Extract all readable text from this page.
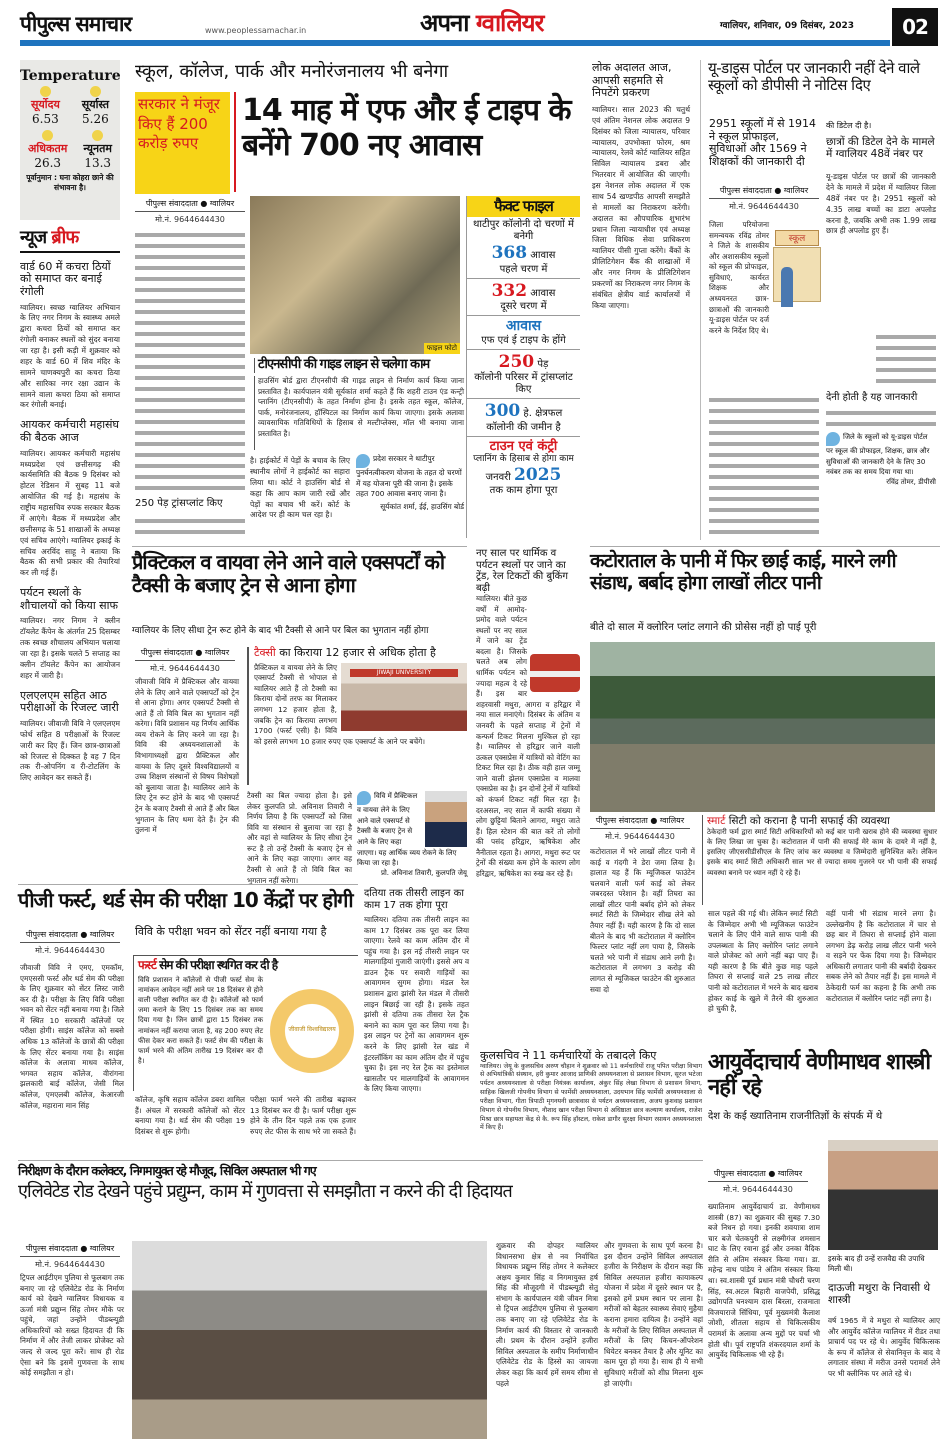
पीपुल्स समाचार	www.peoplessamachar.in	अपना ग्वालियर	ग्वालियर, शनिवार, 09 दिसंबर, 2023	02
Temperature
सूर्योदय
6.53
सूर्यास्त
5.26
अधिकतम
26.3
न्यूनतम
13.3
पूर्वानुमान : घना कोहरा छाने की संभावना है।
न्यूज ब्रीफ
वार्ड 60 में कचरा ठियों को समाप्त कर बनाई रंगोली
ग्वालियर। स्वच्छ ग्वालियर अभियान के लिए नगर निगम के स्वास्थ्य अमले द्वारा कचरा ठियों को समाप्त कर रंगोली बनाकर स्थलों को सुंदर बनाया जा रहा है। इसी कड़ी में शुक्रवार को शहर के वार्ड 60 में शिव मंदिर के सामने चाणक्यपुरी का कचरा ठिया और सारिका नगर रक्षा उद्यान के सामने वाला कचरा ठिया को समाप्त कर रंगोली बनाई।
आयकर कर्मचारी महासंघ की बैठक आज
ग्वालियर। आयकर कर्मचारी महासंघ मध्यप्रदेश एवं छत्तीसगढ़ की कार्यसमिति की बैठक 9 दिसंबर को होटल रेडिसन में सुबह 11 बजे आयोजित की गई है। महासंघ के राष्ट्रीय महासचिव रुपक सरकार बैठक में आएंगे। बैठक में मध्यप्रदेश और छत्तीसगढ़ के 51 शाखाओं के अध्यक्ष एवं सचिव आएंगे। ग्वालियर इकाई के सचिव अरविंद साहू ने बताया कि बैठक की सभी प्रकार की तैयारियां कर ली गई हैं।
पर्यटन स्थलों के शौचालयों को किया साफ
ग्वालियर। नगर निगम ने क्लीन टॉयलेट कैंपेन के अंतर्गत 25 दिसम्बर तक स्वच्छ शौचालय अभियान चलाया जा रहा है। इसके चलते 5 सप्ताह का क्लीन टॉयलेट कैंपेन का आयोजन शहर में जारी है।
एलएलएम सहित आठ परीक्षाओं के रिजल्ट जारी
ग्वालियर। जीवाजी विवि ने एलएलएम फोर्थ सहित 8 परीक्षाओं के रिजल्ट जारी कर दिए हैं। जिन छात्र-छात्राओं को रिजल्ट से दिक्कत है वह 7 दिन तक री-ओपनिंग व री-टोटलिंग के लिए आवेदन कर सकते हैं।
स्कूल, कॉलेज, पार्क और मनोरंजनालय भी बनेगा
सरकार ने मंजूर किए हैं 200 करोड़ रुपए
14 माह में एफ और ई टाइप के बनेंगे 700 नए आवास
पीपुल्स संवाददाता ● ग्वालियर
मो.नं. 9644644430
250 पेड़ ट्रांसप्लांट किए
फाइल फोटो
टीएनसीपी की गाइड लाइन से चलेगा काम
हाउसिंग बोर्ड द्वारा टीएनसीपी की गाइड लाइन से निर्माण कार्य किया जाना प्रस्तावित है। कार्यपालन यंत्री सूर्यकांत शर्मा कहते हैं कि शहरी टाउन एंड कन्ट्री प्लानिंग (टीएनसीपी) के तहत निर्माण होना है। इसके तहत स्कूल, कॉलेज, पार्क, मनोरंजनालय, हॉस्पिटल का निर्माण कार्य किया जाएगा। इसके अलावा व्यावसायिक गतिविधियों के हिसाब से मल्टीप्लेक्स, मॉल भी बनाया जाना प्रस्तावित है।
है। हाईकोर्ट में पेड़ों के बचाव के लिए स्थानीय लोगों ने हाईकोर्ट का सहारा लिया था। कोर्ट ने हाउसिंग बोर्ड से कहा कि आप काम जारी रखें और पेड़ों का बचाव भी करें। कोर्ट के आदेश पर ही काम चल रहा है।
प्रदेश सरकार ने थाटीपुर पुनर्घनत्वीकरण योजना के तहत दो चरणों में यह योजना पूरी की जाना है। इसके तहत 700 आवास बनाए जाना है।
सूर्यकांत शर्मा, ईई, हाउसिंग बोर्ड
फैक्ट फाइल
थाटीपुर कॉलोनी दो चरणों में बनेगी
368 आवास
पहले चरण में
332 आवास
दूसरे चरण में
आवास
एफ एवं ई टाइप के होंगे
250 पेड़
कॉलोनी परिसर में ट्रांसप्लांट किए
300 हे. क्षेत्रफल
कॉलोनी की जमीन है
टाउन एवं कंट्री
प्लानिंग के हिसाब से होगा काम
जनवरी 2025
तक काम होगा पूरा
लोक अदालत आज, आपसी सहमति से निपटेंगे प्रकरण
ग्वालियर। साल 2023 की चतुर्थ एवं अंतिम नेशनल लोक अदालत 9 दिसंबर को जिला न्यायालय, परिवार न्यायालय, उपभोक्ता फोरम, श्रम न्यायालय, रेलवे कोर्ट ग्वालियर सहित सिविल न्यायालय डबरा और भितरवार में आयोजित की जाएगी। इस नेशनल लोक अदालत में एक साथ 54 खण्डपीठ आपसी समझौते से मामलों का निराकरण करेंगी। अदालत का औपचारिक शुभारंभ प्रधान जिला न्यायाधीश एवं अध्यक्ष जिला विधिक सेवा प्राधिकरण ग्वालियर पीसी गुप्ता करेंगे। बैंकों के प्रीलिटिगेशन बैंक की शाखाओं में और नगर निगम के प्रीलिटिगेशन प्रकरणों का निराकरण नगर निगम के संबंधित क्षेत्रीय वार्ड कार्यालयों में किया जाएगा।
यू-डाइस पोर्टल पर जानकारी नहीं देने वाले स्कूलों को डीपीसी ने नोटिस दिए
2951 स्कूलों में से 1914 ने स्कूल प्रोफाइल, सुविधाओं और 1569 ने शिक्षकों की जानकारी दी
पीपुल्स संवाददाता ● ग्वालियर
मो.नं. 9644644430
जिला परियोजना समन्वयक रविंद्र तोमर ने जिले के शासकीय और अशासकीय स्कूलों को स्कूल की प्रोफाइल, सुविधाएं, कार्यरत शिक्षक और अध्ययनरत छात्र-छात्राओं की जानकारी यू-डाइस पोर्टल पर दर्ज करने के निर्देश दिए थे।
स्कूल
की डिटेल दी है।
छात्रों की डिटेल देने के मामले में ग्वालियर 48वें नंबर पर
यू-डाइस पोर्टल पर छात्रों की जानकारी देने के मामले में प्रदेश में ग्वालियर जिला 48वें नंबर पर है। 2951 स्कूलों को 4.35 लाख बच्चों का डाटा अपलोड करना है, जबकि अभी तक 1.99 लाख छात्र ही अपलोड हुए हैं।
देनी होती है यह जानकारी
जिले के स्कूलों को यू-डाइस पोर्टल पर स्कूल की प्रोफाइल, शिक्षक, छात्र और सुविधाओं की जानकारी देने के लिए 30 नवंबर तक का समय दिया गया था।
रविंद्र तोमर, डीपीसी
प्रैक्टिकल व वायवा लेने आने वाले एक्सपर्टों को टैक्सी के बजाए ट्रेन से आना होगा
ग्वालियर के लिए सीधा ट्रेन रूट होने के बाद भी टैक्सी से आने पर बिल का भुगतान नहीं होगा
पीपुल्स संवाददाता ● ग्वालियर
मो.नं. 9644644430
जीवाजी विवि में प्रैक्टिकल और वायवा लेने के लिए आने वाले एक्सपर्टों को ट्रेन से आना होगा। अगर एक्सपर्ट टैक्सी से आते हैं तो विवि बिल का भुगतान नहीं करेगा। विवि प्रशासन यह निर्णय आर्थिक व्यय रोकने के लिए करने जा रहा है। विवि की अध्ययनशालाओं के विभागाध्यक्षों द्वारा प्रैक्टिकल और वायवा के लिए दूसरे विश्वविद्यालयों व उच्च शिक्षण संस्थानों से विषय विशेषज्ञों को बुलाया जाता है। ग्वालियर आने के लिए ट्रेन रूट होने के बाद भी एक्सपर्ट ट्रेन के बजाए टैक्सी से आते हैं और बिल भुगतान के लिए थमा देते हैं। ट्रेन की तुलना में
टैक्सी का किराया 12 हजार से अधिक होता है
JIWAJI UNIVERSITY
प्रैक्टिकल व वायवा लेने के लिए एक्सपर्ट टैक्सी से भोपाल से ग्वालियर आते हैं तो टैक्सी का किराया दोनों तरफ का मिलाकर लगभग 12 हजार होता है, जबकि ट्रेन का किराया लगभग 1700 (फर्स्ट एसी) है। विवि को इससे लगभग 10 हजार रुपए एक एक्सपर्ट के आने पर बचेंगे।
टैक्सी का बिल ज्यादा होता है। इसे लेकर कुलपति प्रो. अविनाश तिवारी ने निर्णय लिया है कि एक्सपर्टों को जिस विवि या संस्थान से बुलाया जा रहा है और वहां से ग्वालियर के लिए सीधा ट्रेन रूट है तो उन्हें टैक्सी के बजाए ट्रेन से आने के लिए कहा जाएगा। अगर वह टैक्सी से आते हैं तो विवि बिल का भुगतान नहीं करेगा।
विवि में प्रैक्टिकल व वायवा लेने के लिए आने वाले एक्सपर्ट से टैक्सी के बजाए ट्रेन से आने के लिए कहा जाएगा। यह आर्थिक व्यय रोकने के लिए किया जा रहा है।
प्रो. अविनाश तिवारी, कुलपति जेयू
नए साल पर धार्मिक व पर्यटन स्थलों पर जाने का ट्रेंड, रेल टिकटों की बुकिंग बढ़ी
ग्वालियर। बीते कुछ वर्षों में आमोद-प्रमोद वाले पर्यटन स्थलों पर नए साल में जाने का ट्रेंड बदला है। जिसके चलते अब लोग धार्मिक पर्यटन को ज्यादा महत्व दे रहे हैं। इस बार शहरवासी मथुरा, आगरा व हरिद्वार में नया साल मनाएंगे। दिसंबर के अंतिम व जनवरी के पहले सप्ताह में ट्रेनों में कन्फर्म टिकट मिलना मुश्किल हो रहा है। ग्वालियर से हरिद्वार जाने वाली उत्कल एक्सप्रेस में यात्रियों को वेटिंग का टिकट मिल रहा है। ठीक वही हाल जम्मू जाने वाली झेलम एक्सप्रेस व मालवा एक्सप्रेस का है। इन दोनों ट्रेनों में यात्रियों को कंफर्म टिकट नहीं मिल रहा है। दरअसल, नए साल में काफी संख्या में लोग छुट्टियां बिताने आगरा, मथुरा जाते हैं। हिल स्टेशन की बात करें तो लोगों की पसंद हरिद्वार, ऋषिकेश और नैनीताल रहता है। आगरा, मथुरा रूट पर ट्रेनों की संख्या कम होने के कारण लोग हरिद्वार, ऋषिकेश का रुख कर रहे हैं।
कटोराताल के पानी में फिर छाई काई, मारने लगी संडाध, बर्बाद होगा लाखों लीटर पानी
बीते दो साल में क्लोरिन प्लांट लगाने की प्रोसेस नहीं हो पाई पूरी
पीपुल्स संवाददाता ● ग्वालियर
मो.नं. 9644644430
स्मार्ट सिटी को कराना है पानी सफाई की व्यवस्था
ठेकेदारी फर्म द्वारा स्मार्ट सिटी अधिकारियों को कई बार पानी खराब होने की व्यवस्था सुधार के लिए लिखा जा चुका है। कटोराताल में पानी की सफाई मेरे काम के दायरे में नहीं है, इसलिए जीएससीडीसीएल के लिए जांच कर व्यवस्था व जिम्मेदारी सुनिश्चित करें। लेकिन इसके बाद स्मार्ट सिटी अधिकारी साल भर से ज्यादा समय गुजरने पर भी पानी की सफाई व्यवस्था बनाने पर ध्यान नहीं दे रहे हैं।
कटोराताल में भरे लाखों लीटर पानी में काई व गंदगी ने डेरा जमा लिया है। हालात यह हैं कि म्यूजिकल फाउंटेन चलवाने वाली फर्म काई को लेकर जबरदस्त परेशान है। वहीं तिघरा का लाखों लीटर पानी बर्बाद होने को लेकर स्मार्ट सिटी के जिम्मेदार सीख लेने को तैयार नहीं हैं। यही कारण है कि दो साल बीतने के बाद भी कटोराताल में क्लोरिन फिल्टर प्लांट नहीं लग पाया है, जिसके चलते भरे पानी में संडाध आने लगी है। कटोराताल में लगभग 3 करोड़ की लागत से म्यूजिकल फाउंटेन की शुरुआत सवा दो
साल पहले की गई थी। लेकिन स्मार्ट सिटी के जिम्मेदार अभी भी म्यूजिकल फाउंटेन चलाने के लिए पीने वाले साफ पानी की उपलब्धता के लिए क्लोरिन प्लांट लगाने वाले प्रोजेक्ट को आगे नहीं बढ़ा पाए हैं। यही कारण है कि बीते कुछ माह पहले तिघरा से सप्लाई वाले 25 लाख लीटर पानी को कटोराताल में भरने के बाद खराब होकर काई के खुले में तैरने की शुरुआत हो चुकी है,
वहीं पानी भी संडाध मारने लगा है। उल्लेखनीय है कि कटोराताल में चार से छह बार में तिघरा से सप्लाई होने वाला लगभग डेढ़ करोड़ लाख लीटर पानी भरने व सड़ने पर फेंक दिया गया है। जिम्मेदार अधिकारी लगातार पानी की बर्बादी देखकर सबक लेने को तैयार नहीं हैं। इस मामले में ठेकेदारी फर्म का कहना है कि अभी तक कटोराताल में क्लोरिन प्लांट नहीं लगा है।
पीजी फर्स्ट, थर्ड सेम की परीक्षा 10 केंद्रों पर होगी
पीपुल्स संवाददाता ● ग्वालियर
मो.नं. 9644644430
जीवाजी विवि ने एमए, एमकॉम, एमएससी फर्स्ट और थर्ड सेम की परीक्षा के लिए शुक्रवार को सेंटर लिस्ट जारी कर दी है। परीक्षा के लिए विवि परीक्षा भवन को सेंटर नहीं बनाया गया है। जिले में स्थित 10 सरकारी कॉलेजों पर परीक्षा होगी। साइंस कॉलेज को सबसे अधिक 13 कॉलेजों के छात्रों की परीक्षा के लिए सेंटर बनाया गया है। साइंस कॉलेज के अलावा माधव कॉलेज, भगवत सहाय कॉलेज, वीरांगना झलकारी बाई कॉलेज, जेसी मिल कॉलेज, एमएलबी कॉलेज, केआरजी कॉलेज, महाराना मान सिंह
विवि के परीक्षा भवन को सेंटर नहीं बनाया गया है
फर्स्ट सेम की परीक्षा स्थगित कर दी है
विवि प्रशासन ने कॉलेजों से पीजी फर्स्ट सेम के नामांकन आवेदन नहीं आने पर 18 दिसंबर से होने वाली परीक्षा स्थगित कर दी है। कॉलेजों को फार्म जमा कराने के लिए 15 दिसंबर तक का समय दिया गया है। जिन छात्रों द्वारा 15 दिसंबर तक नामांकन नहीं कराया जाता है, वह 200 रुपए लेट फीस देकर करा सकते हैं। फर्स्ट सेम की परीक्षा के फार्म भरने की अंतिम तारीख 19 दिसंबर कर दी है।
जीवाजी विश्वविद्यालय
कॉलेज, कृषि सहाय कॉलेज डबरा शामिल हैं। अंचल में सरकारी कॉलेजों को सेंटर बनाया गया है। थर्ड सेम की परीक्षा 19 दिसंबर से शुरू होगी।
परीक्षा फार्म भरने की तारीख बढ़ाकर 13 दिसंबर कर दी है। फार्म परीक्षा शुरू होने के तीन दिन पहले तक एक हजार रुपए लेट फीस के साथ भरे जा सकते हैं।
दतिया तक तीसरी लाइन का काम 17 तक होगा पूरा
ग्वालियर। दतिया तक तीसरी लाइन का काम 17 दिसंबर तक पूरा कर लिया जाएगा। रेलवे का काम अंतिम दौर में पहुंच गया है। इस नई तीसरी लाइन पर मालगाड़ियां गुजारी जाएंगी। इससे अप व डाउन ट्रैक पर सवारी गाड़ियों का आवागमन सुगम होगा। मंडल रेल प्रशासन द्वारा झांसी रेल मंडल में तीसरी लाइन बिछाई जा रही है। इसके तहत झांसी से दतिया तक तीसरा रेल ट्रैक बनाने का काम पूरा कर लिया गया है। इस लाइन पर ट्रेनों का आवागमन शुरू करने के लिए झांसी रेल खंड में इंटरलॉकिंग का काम अंतिम दौर में पहुंच चुका है। इस नए रेल ट्रैक का इस्तेमाल खासतौर पर मालगाड़ियों के आवागमन के लिए किया जाएगा।
कुलसचिव ने 11 कर्मचारियों के तबादले किए
ग्वालियर। जेयू के कुलसचिव अरुण चौहान ने शुक्रवार को 11 कर्मचारियों राजू पपित परीक्षा विभाग से अभियांत्रिकी संस्थान, हरी कुमार आजाद प्राणिकी अध्ययनशाला से प्रशासन विभाग, सूरज भटेजा पर्यटन अध्ययनशाला से परीक्षा नियंत्रक कार्यालय, अंकुर सिंह लेखा विभाग से प्रशासन विभाग, साहिक खिलजी गोपनीय विभाग से फार्मेसी अध्ययनशाला, उदयभान सिंह फार्मेसी अध्ययनशाला से परीक्षा विभाग, गीता त्रिपाठी मृगनयनी छात्रावास से पर्यटन अध्ययनशाला, अजय कुशवाह प्रशासन विभाग से गोपनीय विभाग, नौशाद खान परीक्षा विभाग से अधिष्ठाता छात्र कल्याण कार्यालय, राजेश मिश्रा छात्र सहायता केंद्र से कै. रूप सिंह हॉस्टल, राकेश डागौर सुरक्षा विभाग रसायन अध्ययनशाला में किए हैं।
आयुर्वेदाचार्य वेणीमाधव शास्त्री नहीं रहे
देश के कई ख्यातिनाम राजनीतिज्ञों के संपर्क में थे
पीपुल्स संवाददाता ● ग्वालियर
मो.नं. 9644644430
ख्यातिनाम आयुर्वेदाचार्य डा. वेणीमाधव शास्त्री (87) का शुक्रवार की सुबह 7.30 बजे निधन हो गया। इनकी शवयात्रा शाम चार बजे चेतकपुरी से लक्ष्मीगंज शमसान घाट के लिए रवाना हुई और उनका वैदिक रीति से अंतिम संस्कार किया गया। डा. महेन्द्र नाथ पांडेय ने अंतिम संस्कार किया था। स्व.शास्त्री पूर्व प्रधान मंत्री चौधरी चरण सिंह, स्व.अटल बिहारी वाजपेयी, प्रसिद्ध उद्योगपति घनश्याम दास बिरला, राजमाता विजयाराजे सिंधिया, पूर्व मुख्यमंत्री कैलाश जोशी, शीतला सहाय से चिकित्सकीय परामर्श के अलावा अन्य मुद्दों पर चर्चा भी होती थी। पूर्व राष्ट्रपति शंकरदयाल शर्मा के आयुर्वेद चिकित्सक भी रहे हैं।
इसके बाद ही उन्हें राजवैद्य की उपाधि मिली थी।
दाऊजी मथुरा के निवासी थे शास्त्री
वर्ष 1965 में वे मथुरा से ग्वालियर आए और आयुर्वेद कॉलेज ग्वालियर में रीडर तथा प्राचार्य पद पर रहे थे। आयुर्वेद चिकित्सक के रूप में कॉलेज से सेवानिवृत्त के बाद वे लगातार संस्था में मरीज उनसे परामर्श लेने पर भी क्लीनिक पर आते रहे थे।
निरीक्षण के दौरान कलेक्टर, निगमायुक्त रहे मौजूद, सिविल अस्पताल भी गए
एलिवेटेड रोड देखने पहुंचे प्रद्युम्न, काम में गुणवत्ता से समझौता न करने की दी हिदायत
पीपुल्स संवाददाता ● ग्वालियर
मो.नं. 9644644430
ट्रिपल आईटीएम पुलिया से फूलबाग तक बनाए जा रहे एलिवेटेड रोड के निर्माण कार्य को देखने ग्वालियर विधायक व ऊर्जा मंत्री प्रद्युम्न सिंह तोमर मौके पर पहुंचे, जहां उन्होंने पीडब्ल्यूडी अधिकारियों को सख्त हिदायत दी कि निर्माण में और तेजी लाकर प्रोजेक्ट को जल्द से जल्द पूरा करें। साथ ही रोड ऐसा बने कि इसमें गुणवत्ता के साथ कोई समझौता न हो।
शुक्रवार की दोपहर ग्वालियर विधानसभा क्षेत्र से नव निर्वाचित विधायक प्रद्युम्न सिंह तोमर ने कलेक्टर अक्षय कुमार सिंह व निगमायुक्त हर्ष सिंह की मौजूदगी में पीडब्ल्यूडी सेतु संभाग के कार्यपालन यंत्री जीवन मित्रा से ट्रिपल आईटीएम पुलिया से फूलबाग तक बनाए जा रहे एलिवेटेड रोड के निर्माण कार्य की विस्तार से जानकारी ली। प्रथम के दौरान उन्होंने हजीरा सिविल अस्पताल के समीप निर्माणाधीन एलिवेटेड रोड के हिस्से का जायजा लेकर कहा कि कार्य हमें समय सीमा से पहले
और गुणवत्ता के साथ पूर्ण करना है। इस दौरान उन्होंने सिविल अस्पताल हजीरा के निरीक्षण के दौरान कहा कि सिविल अस्पताल हजीरा कायाकल्प योजना में प्रदेश में दूसरे स्थान पर है, इसको हमें प्रथम स्थान पर लाना है। मरीजों को बेहतर स्वास्थ्य सेवाएं मुहैया कराना हमारा दायित्व है। उन्होंने वहां के मरीजों के लिए सिविल अस्पताल में मरीजों के लिए किचन-ऑपरेशन थियेटर बनकर तैयार है और यूनिट का काम पूरा हो गया है। साथ ही ये सभी सुविधाएं मरीजों को शीघ्र मिलना शुरू हो जाएंगी।
